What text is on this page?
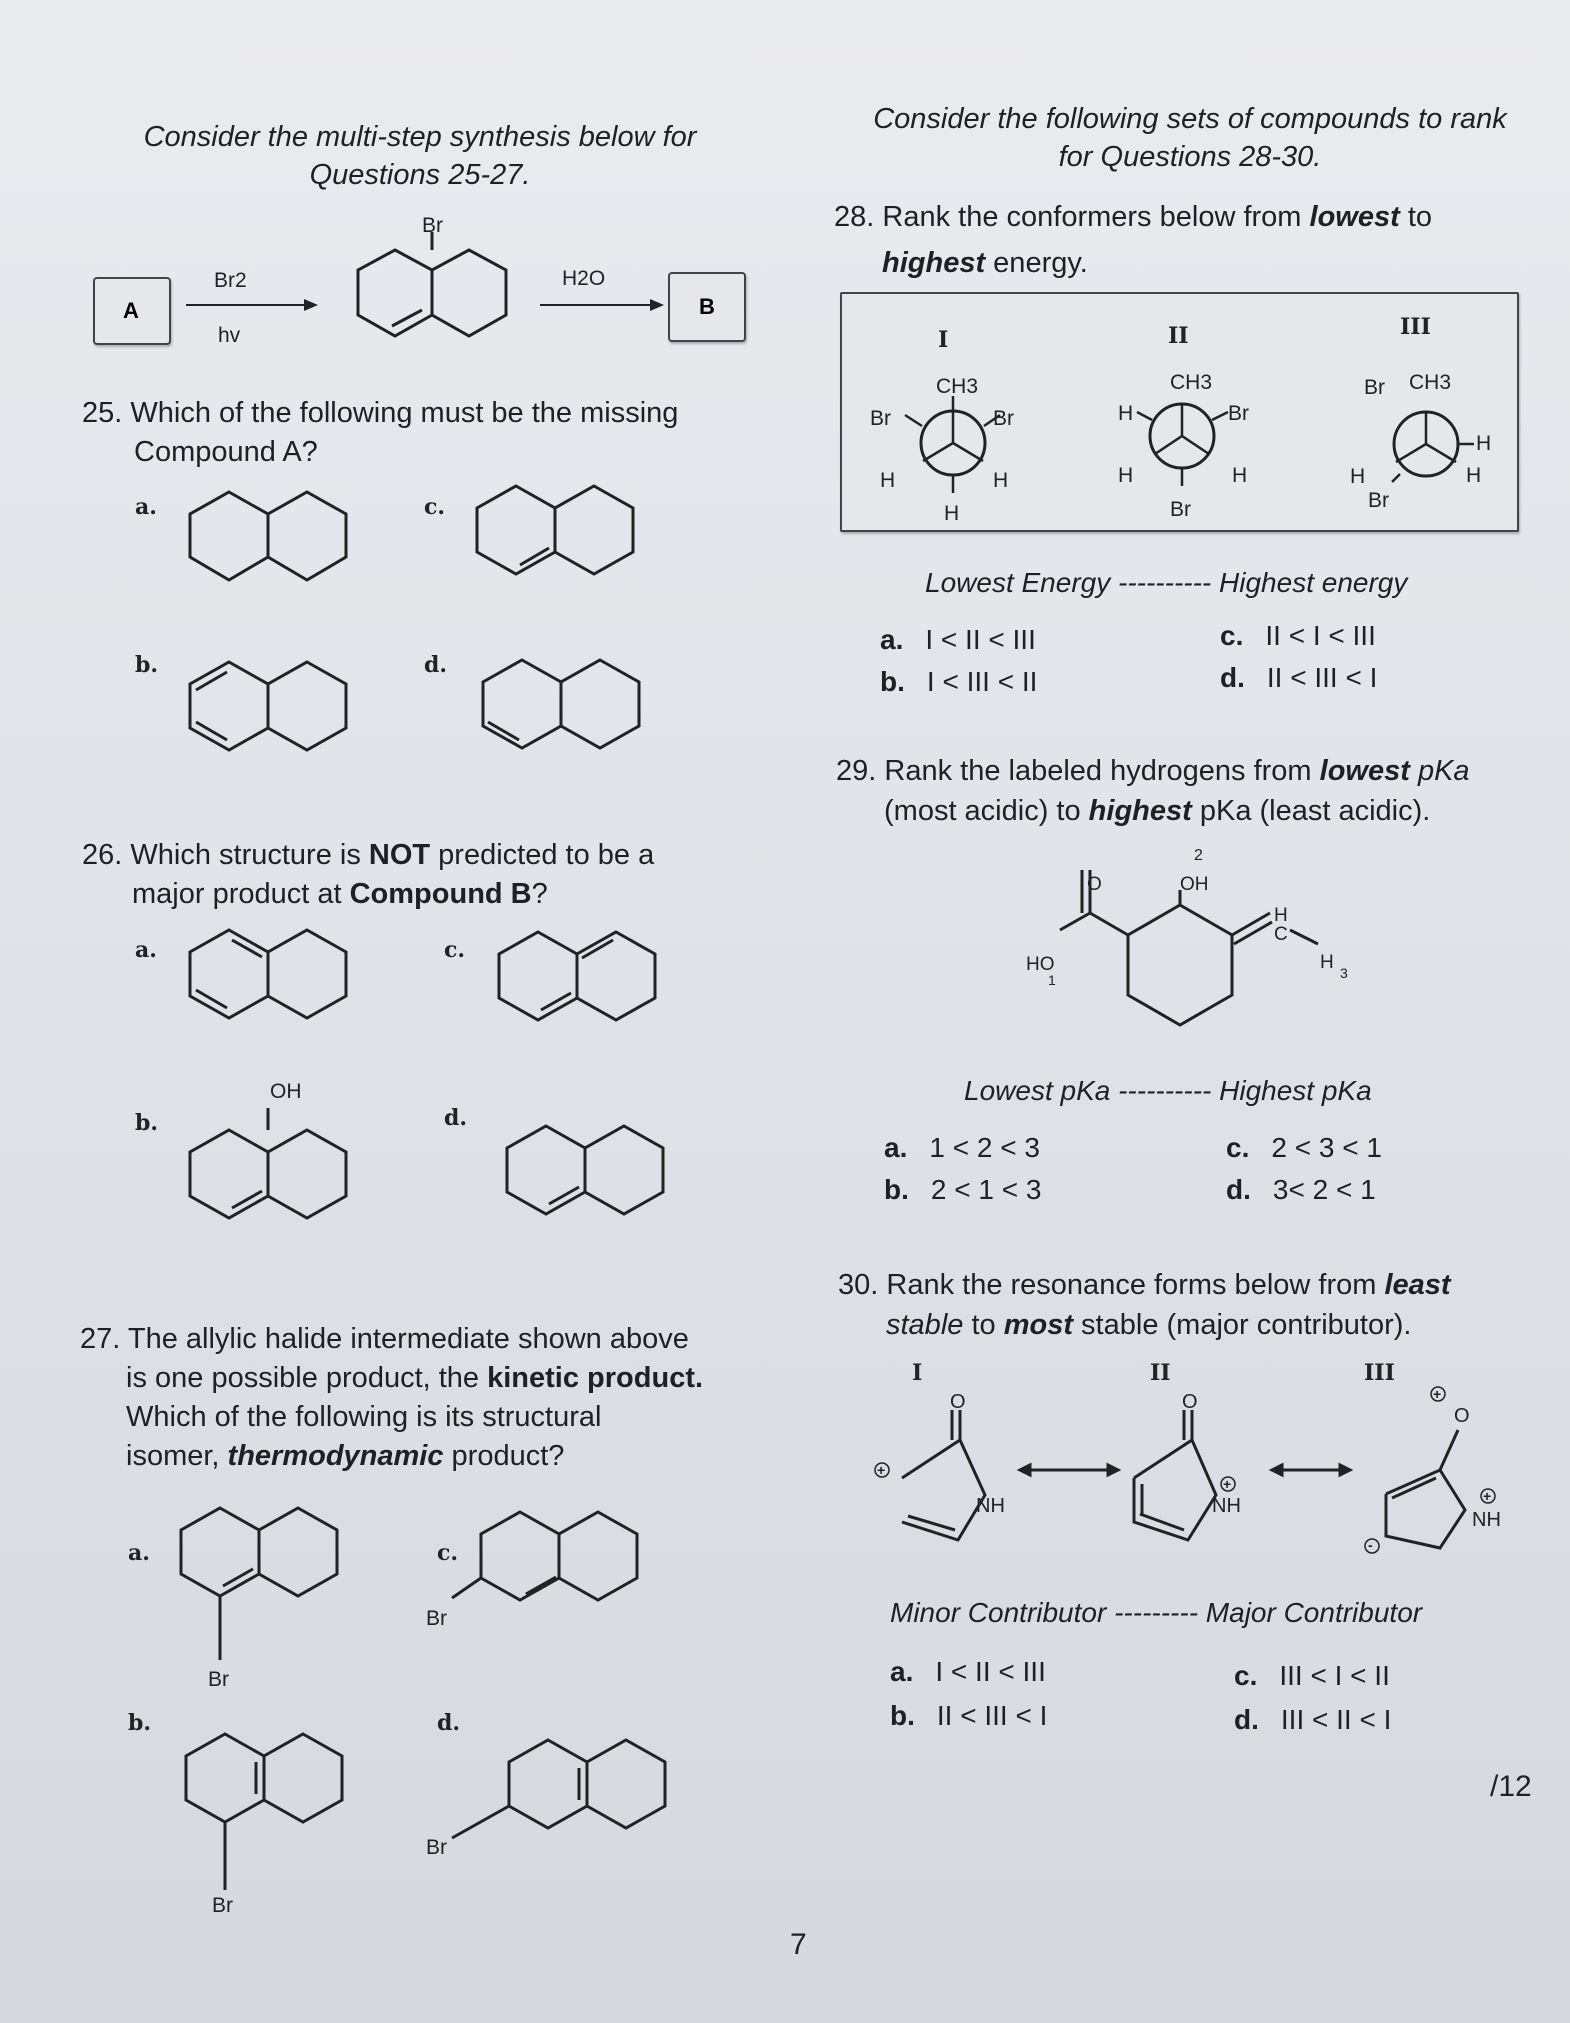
Consider the multi-step synthesis below for Questions 25-27.
Consider the following sets of compounds to rank for Questions 28-30.
A	B
Br2
hv
H2O
Br
25. Which of the following must be the missing
Compound A?
a.
b.
c.
d.
26. Which structure is NOT predicted to be a
major product at Compound B?
a.
b.
c.
d.
OH
27. The allylic halide intermediate shown above
is one possible product, the kinetic product.
Which of the following is its structural
isomer, thermodynamic product?
a.
b.
c.
d.
Br
Br
Br
Br
28. Rank the conformers below from lowest to
highest energy.
I	II	III
CH3
Br	Br
H	H
H
CH3
H	Br
H	H
Br
Br CH3
H
H
H
Br
Lowest Energy ---------- Highest energy
a. I < II < III
b. I < III < II
c. II < I < III
d. II < III < I
29. Rank the labeled hydrogens from lowest pKa
(most acidic) to highest pKa (least acidic).
2
O	OH
1
HO
H
C
H 3
Lowest pKa ---------- Highest pKa
a. 1 < 2 < 3
b. 2 < 1 < 3
c. 2 < 3 < 1
d. 3< 2 < 1
30. Rank the resonance forms below from least
stable to most stable (major contributor).
I	II	III
+
+
+
+
-
O	O
O
NH	NH
NH
Minor Contributor --------- Major Contributor
a. I < II < III
b. II < III < I
c. III < I < II
d. III < II < I
/12
7
